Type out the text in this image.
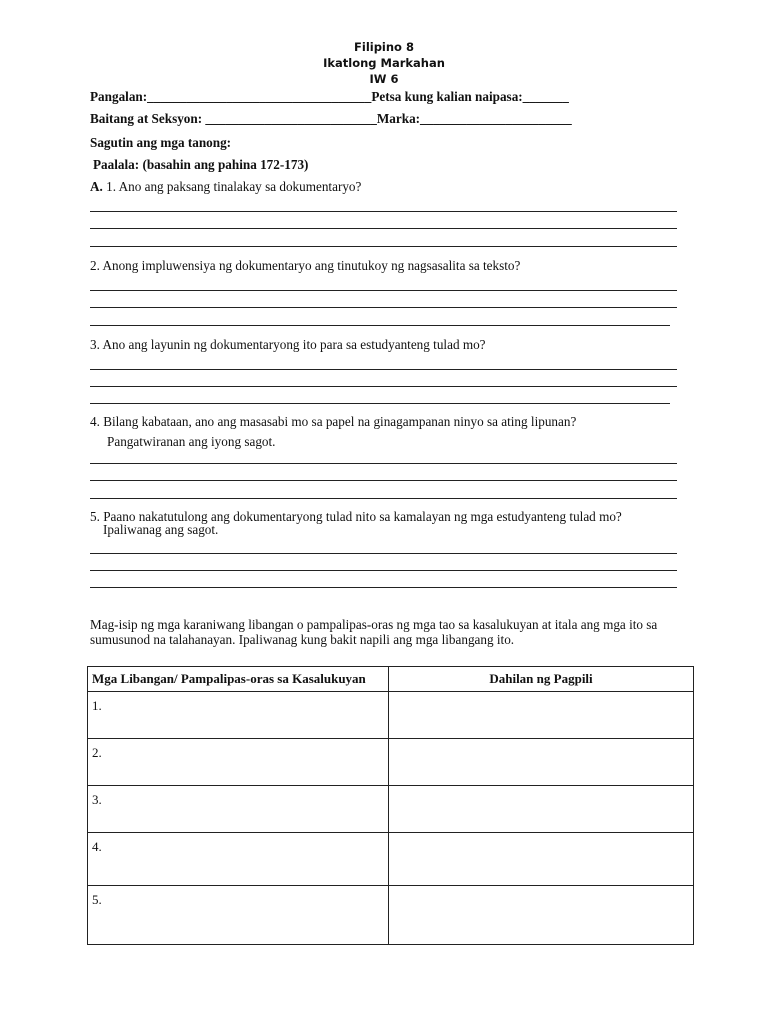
Filipino 8
Ikatlong Markahan
IW 6
Pangalan:__________________________________Petsa kung kalian naipasa:_______
Baitang at Seksyon: __________________________Marka:_______________________
Sagutin ang mga tanong:
Paalala: (basahin ang pahina 172-173)
A. 1. Ano ang paksang tinalakay sa dokumentaryo?
2. Anong impluwensiya ng dokumentaryo ang tinutukoy ng nagsasalita sa teksto?
3. Ano ang layunin ng dokumentaryong ito para sa estudyanteng tulad mo?
4. Bilang kabataan, ano ang masasabi mo sa papel na ginagampanan ninyo sa ating lipunan?
Pangatwiranan ang iyong sagot.
5. Paano nakatutulong ang dokumentaryong tulad nito sa kamalayan ng mga estudyanteng tulad mo?
Ipaliwanag ang sagot.
Mag-isip ng mga karaniwang libangan o pampalipas-oras ng mga tao sa kasalukuyan at itala ang mga ito sa sumusunod na talahanayan. Ipaliwanag kung bakit napili ang mga libangang ito.
Mga Libangan/ Pampalipas-oras sa Kasalukuyan	Dahilan ng Pagpili
1.	
2.	
3.	
4.	
5.	
